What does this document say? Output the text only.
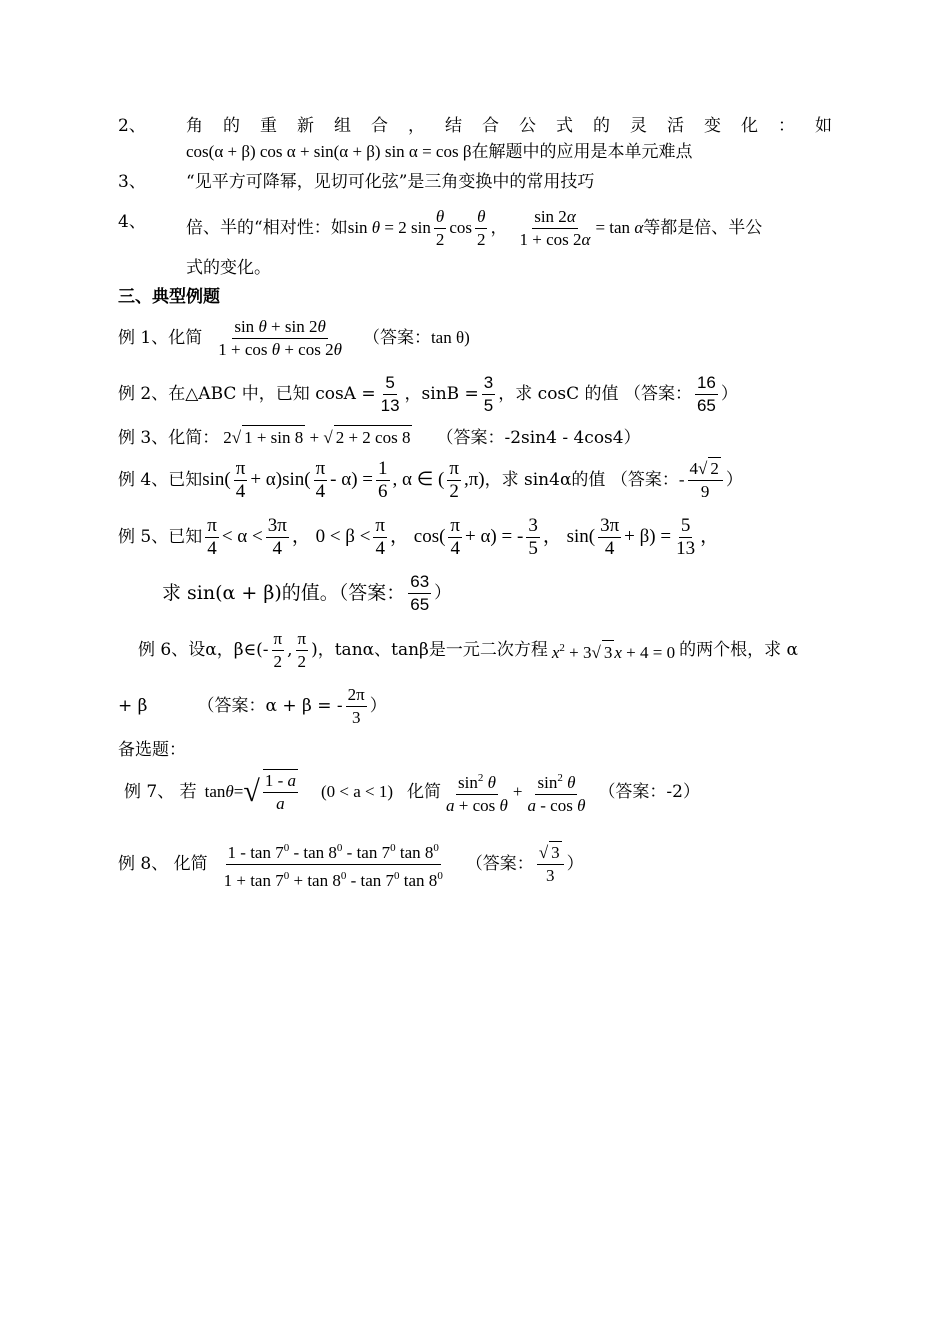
2、 角 的 重 新 组 合 ， 结 合 公 式 的 灵 活 变 化 ： 如
cos(α + β) cos α + sin(α + β) sin α = cos β在解题中的应用是本单元难点
3、 “见平方可降幂，见切可化弦”是三角变换中的常用技巧
4、 倍、半的“相对性：如 sin θ = 2 $\sin \frac{\theta}{2}$ $\cos \frac{\theta}{2}$ ， $\frac{\sin 2\alpha}{1 + \cos 2\alpha} = \tan \alpha$ 等都是倍、半公
式的变化。
三、典型例题
例 1、化简 $\frac{\text{sin θ + sin 2θ}}{\text{1 + cos θ + cos 2θ}}$ （答案： tan θ )
例 2、在△ABC 中，已知 $\cos A = \frac{5}{13}$ ，$\sin B = \frac{3}{5}$ ，求 cosC 的值 （答案： $\frac{16}{65}$ ）
例 3、化简： 2√ 1 + sin 8 + √ 2 + 2 cos 8 （答案：-2sin4 - 4cos4）
例 4、已知 $\sin( \frac{\pi}{4} + \alpha)\sin( \frac{\pi}{4} - \alpha) = \frac{1}{6}$ , α ∈ ( $\frac{\pi}{2} ,\pi$) ，求 sin4α的值 （答案： - $\frac{4√ 2}{9}$ ）
例 5、已知 $\frac{\pi}{4} < \alpha < \frac{3\pi}{4}$ ， $0 < \beta < \frac{\pi}{4}$ ， $\cos( \frac{\pi}{4} + \alpha)$ = - $\frac{3}{5}$ ， $\sin( \frac{3\pi}{4} + \beta) = \frac{5}{13}$ ，
求 sin(α + β)的值。（答案： $\frac{63}{65}$ ）
例 6、设α，β∈(- $\frac{\pi}{2}$ , $\frac{\pi}{2}$ )，tanα、tanβ是一元二次方程 $x^2 + 3√$ 3 x + 4 = 0 的两个根，求 α
+ β	（答案：α + β = - $\frac{2\pi}{3}$ ）
备选题：
例 7、 若 tan θ = √ $\frac{1 - a}{a} (0 < a < 1)$ 化简 $\frac{\sin^2 \theta}{\text{a + cos θ}} + \frac{\sin^2 \theta}{\text{a - cos θ}}$ （答案：-2）
例 8、 化简 $\frac{1 - \tan 7^0 - \tan 8^0 - \tan 7^0 \tan 8^0}{1 + \tan 7^0 + \tan 8^0 - \tan 7^0 \tan 8^0}$ （答案： $\frac{√ 3}{3}$ ）
